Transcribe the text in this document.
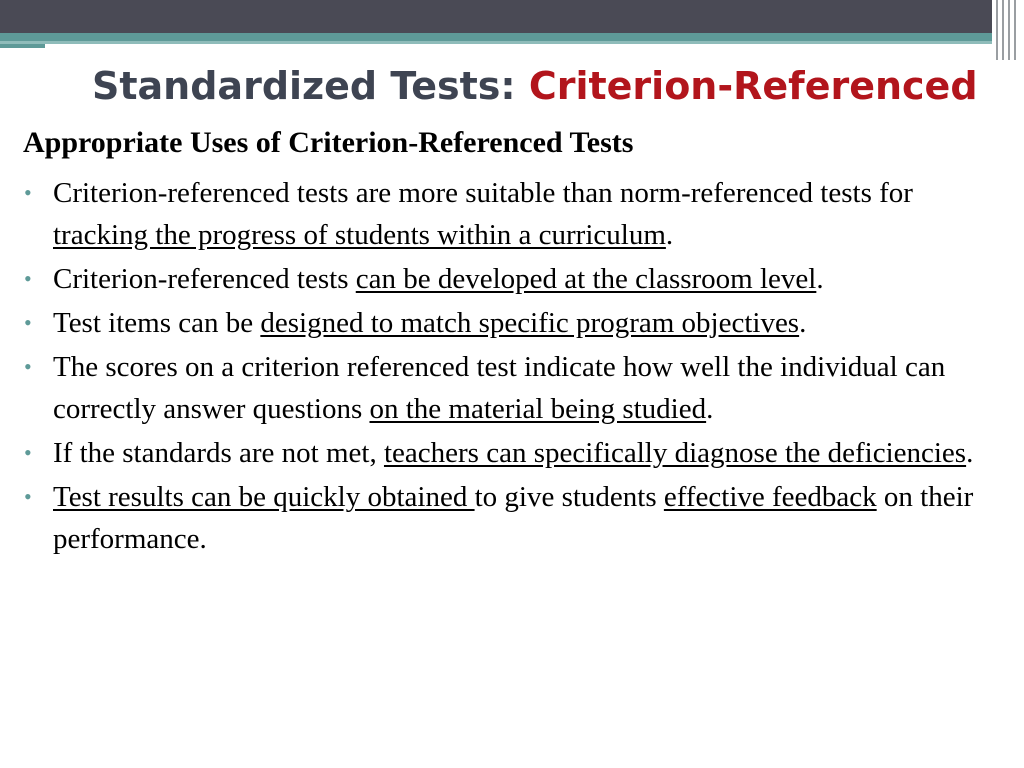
Standardized Tests: Criterion-Referenced
Appropriate Uses of Criterion-Referenced Tests
• Criterion-referenced tests are more suitable than norm-referenced tests for tracking the progress of students within a curriculum.
• Criterion-referenced tests can be developed at the classroom level.
• Test items can be designed to match specific program objectives.
• The scores on a criterion referenced test indicate how well the individual can correctly answer questions on the material being studied.
• If the standards are not met, teachers can specifically diagnose the deficiencies.
• Test results can be quickly obtained to give students effective feedback on their performance.
